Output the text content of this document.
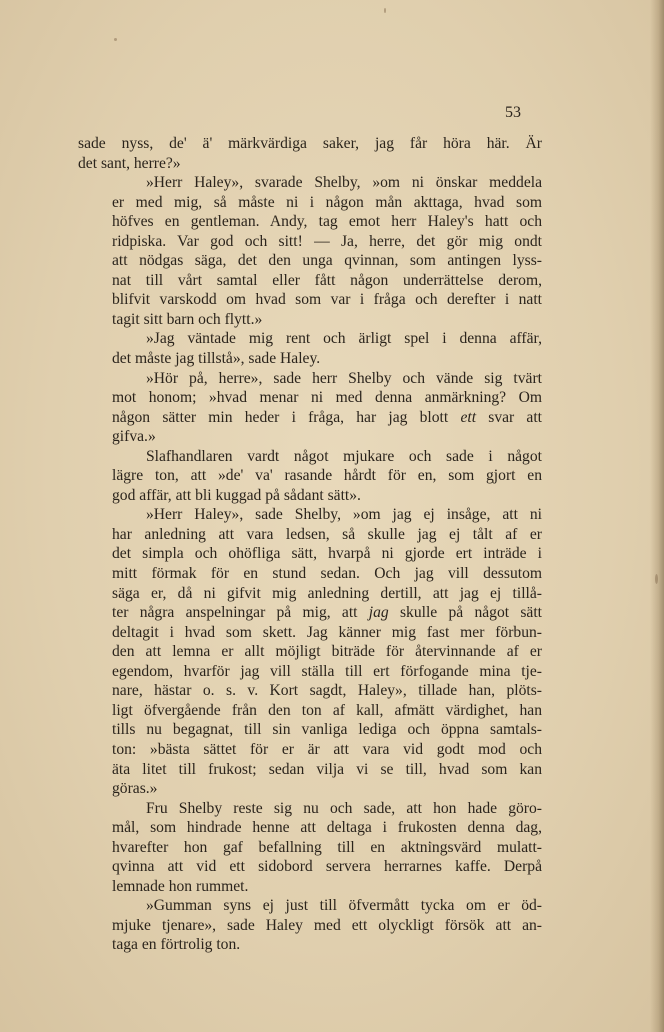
53

sade nyss, de' ä' märkvärdiga saker, jag får höra här. Är
det sant, herre?»

»Herr Haley», svarade Shelby, »om ni önskar meddela
er med mig, så måste ni i någon mån akttaga, hvad som
höfves en gentleman. Andy, tag emot herr Haley's hatt och
ridpiska. Var god och sitt! — Ja, herre, det gör mig ondt
att nödgas säga, det den unga qvinnan, som antingen lyss-
nat till vårt samtal eller fått någon underrättelse derom,
blifvit varskodd om hvad som var i fråga och derefter i natt
tagit sitt barn och flytt.»

»Jag väntade mig rent och ärligt spel i denna affär,
det måste jag tillstå», sade Haley.

»Hör på, herre», sade herr Shelby och vände sig tvärt
mot honom; »hvad menar ni med denna anmärkning? Om
någon sätter min heder i fråga, har jag blott ett svar att
gifva.»

Slafhandlaren vardt något mjukare och sade i något
lägre ton, att »de' va' rasande hårdt för en, som gjort en
god affär, att bli kuggad på sådant sätt».

»Herr Haley», sade Shelby, »om jag ej insåge, att ni
har anledning att vara ledsen, så skulle jag ej tålt af er
det simpla och ohöfliga sätt, hvarpå ni gjorde ert inträde i
mitt förmak för en stund sedan. Och jag vill dessutom
säga er, då ni gifvit mig anledning dertill, att jag ej tillå-
ter några anspelningar på mig, att jag skulle på något sätt
deltagit i hvad som skett. Jag känner mig fast mer förbun-
den att lemna er allt möjligt biträde för återvinnande af er
egendom, hvarför jag vill ställa till ert förfogande mina tje-
nare, hästar o. s. v. Kort sagdt, Haley», tillade han, plöts-
ligt öfvergående från den ton af kall, afmätt värdighet, han
tills nu begagnat, till sin vanliga lediga och öppna samtals-
ton: »bästa sättet för er är att vara vid godt mod och
äta litet till frukost; sedan vilja vi se till, hvad som kan
göras.»

Fru Shelby reste sig nu och sade, att hon hade görо-
mål, som hindrade henne att deltaga i frukosten denna dag,
hvarefter hon gaf befallning till en aktningsvärd mulatt-
qvinna att vid ett sidobord servera herrarnes kaffe. Derpå
lemnade hon rummet.

»Gumman syns ej just till öfvermått tycka om er öd-
mjuke tjenare», sade Haley med ett olyckligt försök att an-
taga en förtrolig ton.
